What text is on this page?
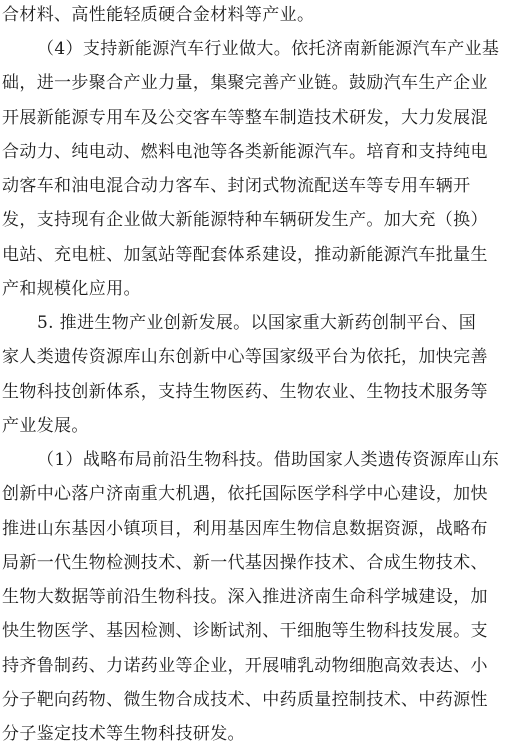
合材料、高性能轻质硬合金材料等产业。
（4）支持新能源汽车行业做大。依托济南新能源汽车产业基
础，进一步聚合产业力量，集聚完善产业链。鼓励汽车生产企业
开展新能源专用车及公交客车等整车制造技术研发，大力发展混
合动力、纯电动、燃料电池等各类新能源汽车。培育和支持纯电
动客车和油电混合动力客车、封闭式物流配送车等专用车辆开
发，支持现有企业做大新能源特种车辆研发生产。加大充（换）
电站、充电桩、加氢站等配套体系建设，推动新能源汽车批量生
产和规模化应用。
5. 推进生物产业创新发展。以国家重大新药创制平台、国
家人类遗传资源库山东创新中心等国家级平台为依托，加快完善
生物科技创新体系，支持生物医药、生物农业、生物技术服务等
产业发展。
（1）战略布局前沿生物科技。借助国家人类遗传资源库山东
创新中心落户济南重大机遇，依托国际医学科学中心建设，加快
推进山东基因小镇项目，利用基因库生物信息数据资源，战略布
局新一代生物检测技术、新一代基因操作技术、合成生物技术、
生物大数据等前沿生物科技。深入推进济南生命科学城建设，加
快生物医学、基因检测、诊断试剂、干细胞等生物科技发展。支
持齐鲁制药、力诺药业等企业，开展哺乳动物细胞高效表达、小
分子靶向药物、微生物合成技术、中药质量控制技术、中药源性
分子鉴定技术等生物科技研发。
